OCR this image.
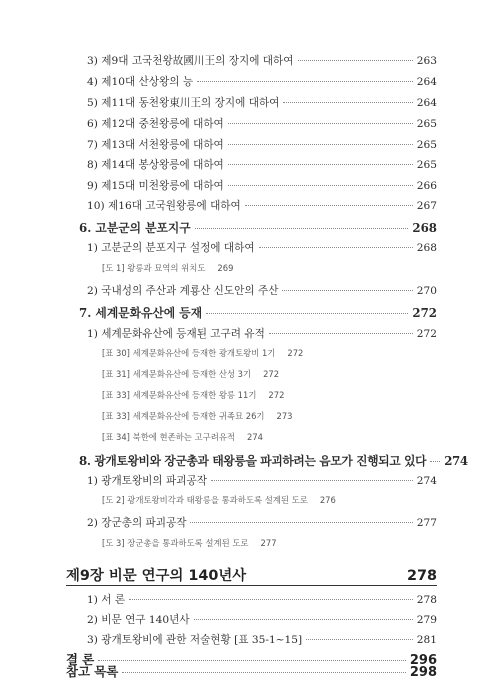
3) 제9대 고국천왕故國川王의 장지에 대하여	263
4) 제10대 산상왕의 능	264
5) 제11대 동천왕東川王의 장지에 대하여	264
6) 제12대 중천왕릉에 대하여	265
7) 제13대 서천왕릉에 대하여	265
8) 제14대 봉상왕릉에 대하여	265
9) 제15대 미천왕릉에 대하여	266
10) 제16대 고국원왕릉에 대하여	267
6. 고분군의 분포지구	268
1) 고분군의 분포지구 설정에 대하여	268
[도 1] 왕릉과 묘역의 위치도 269
2) 국내성의 주산과 계룡산 신도안의 주산	270
7. 세계문화유산에 등재	272
1) 세계문화유산에 등재된 고구려 유적	272
[표 30] 세계문화유산에 등재한 광개토왕비 1기 272
[표 31] 세계문화유산에 등재한 산성 3기 272
[표 33] 세계문화유산에 등재한 왕릉 11기 272
[표 33] 세계문화유산에 등재한 귀족묘 26기 273
[표 34] 북한에 현존하는 고구려유적 274
8. 광개토왕비와 장군총과 태왕릉을 파괴하려는 음모가 진행되고 있다 274
1) 광개토왕비의 파괴공작	274
[도 2] 광개토왕비각과 태왕릉을 통과하도록 설계된 도로 276
2) 장군총의 파괴공작	277
[도 3] 장군총을 통과하도록 설계된 도로 277
제9장 비문 연구의 140년사	278
1) 서 론	278
2) 비문 연구 140년사	279
3) 광개토왕비에 관한 저술현황 [표 35-1~15]	281
결 론	296
참고 목록	298
